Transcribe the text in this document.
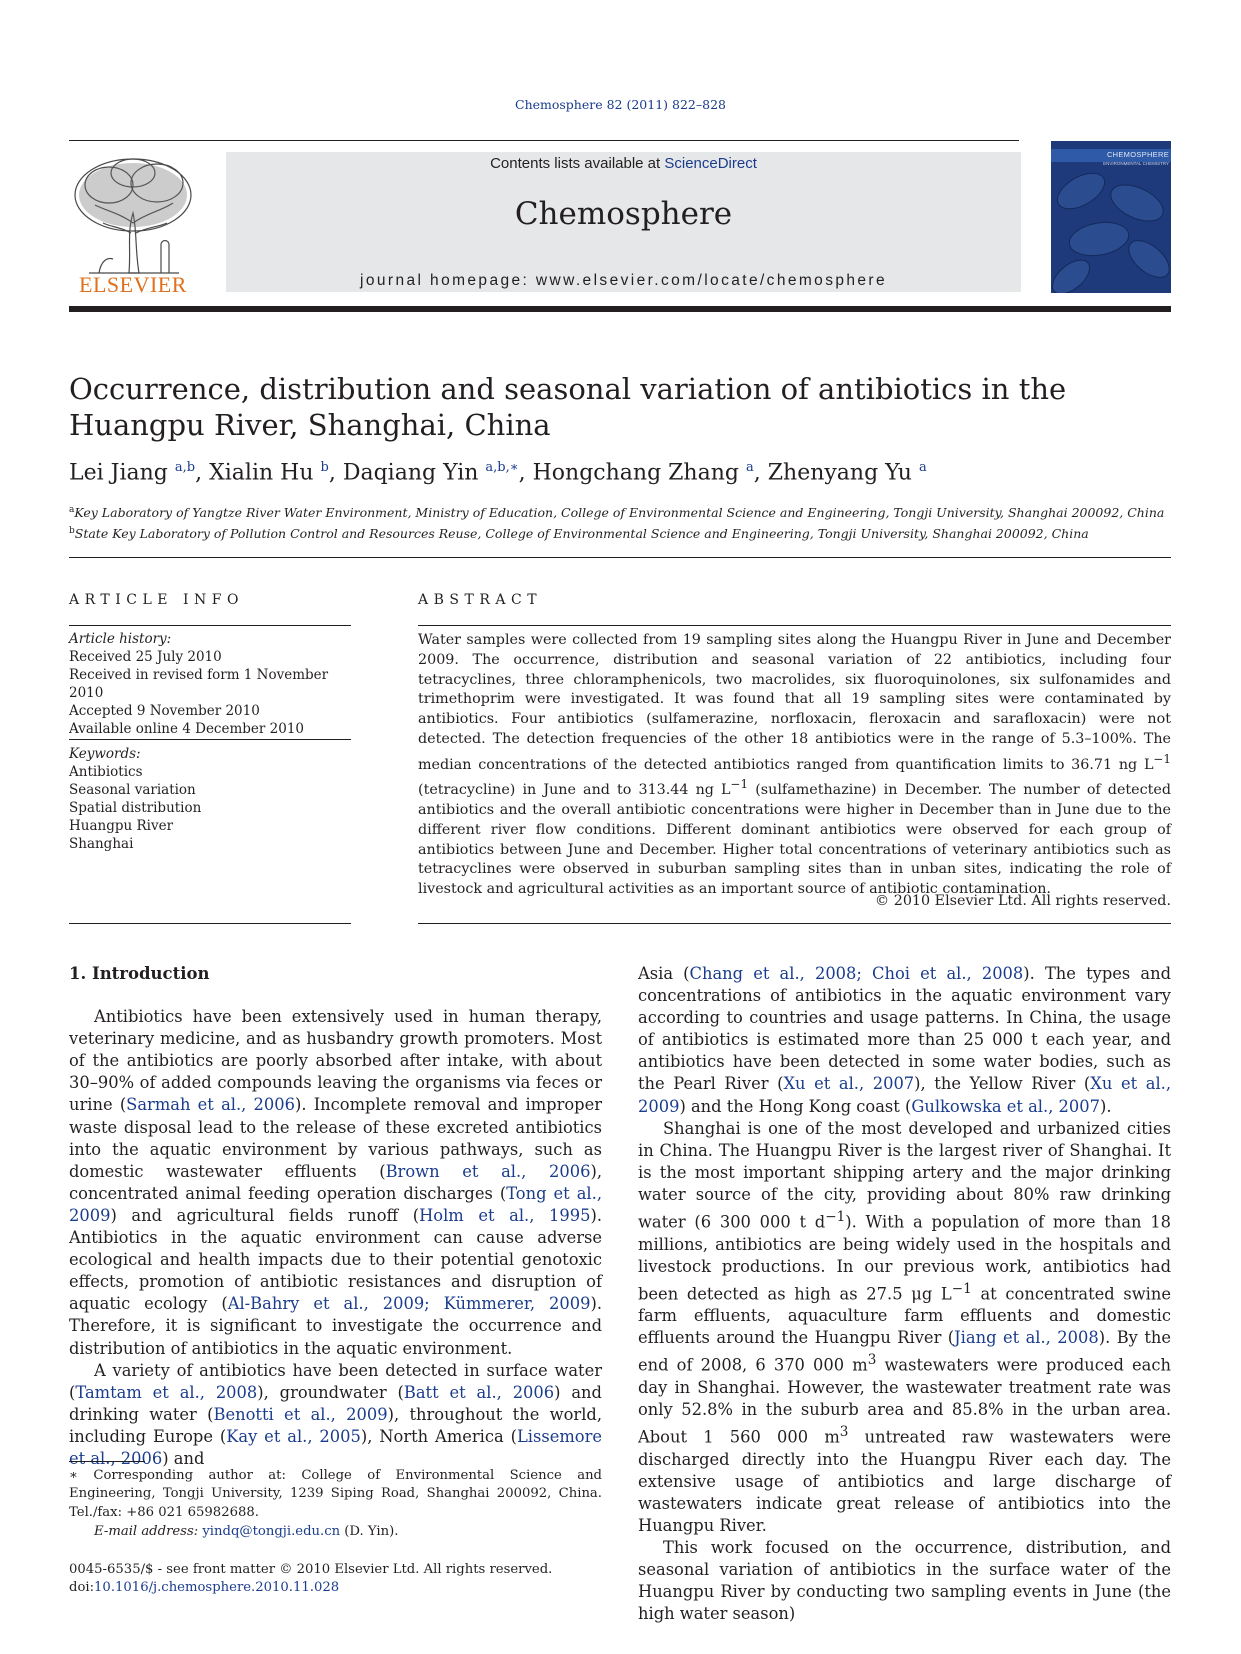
Chemosphere 82 (2011) 822–828
ELSEVIER
Contents lists available at ScienceDirect
Chemosphere
journal homepage: www.elsevier.com/locate/chemosphere
CHEMOSPHERE
ENVIRONMENTAL CHEMISTRY
Occurrence, distribution and seasonal variation of antibiotics in the Huangpu River, Shanghai, China
Lei Jiang $^{a,b}$, Xialin Hu $^b$, Daqiang Yin $^{a,b,∗}$, Hongchang Zhang $^a$, Zhenyang Yu $^a$
$^a$Key Laboratory of Yangtze River Water Environment, Ministry of Education, College of Environmental Science and Engineering, Tongji University, Shanghai 200092, China
$^b$State Key Laboratory of Pollution Control and Resources Reuse, College of Environmental Science and Engineering, Tongji University, Shanghai 200092, China
ARTICLE INFO
Article history:
Received 25 July 2010
Received in revised form 1 November 2010
Accepted 9 November 2010
Available online 4 December 2010
Keywords:
Antibiotics
Seasonal variation
Spatial distribution
Huangpu River
Shanghai
ABSTRACT
Water samples were collected from 19 sampling sites along the Huangpu River in June and December 2009. The occurrence, distribution and seasonal variation of 22 antibiotics, including four tetracyclines, three chloramphenicols, two macrolides, six fluoroquinolones, six sulfonamides and trimethoprim were investigated. It was found that all 19 sampling sites were contaminated by antibiotics. Four antibiotics (sulfamerazine, norfloxacin, fleroxacin and sarafloxacin) were not detected. The detection frequencies of the other 18 antibiotics were in the range of 5.3–100%. The median concentrations of the detected antibiotics ranged from quantification limits to 36.71 ng $L^{-1}$ (tetracycline) in June and to 313.44 ng $L^{-1}$ (sulfamethazine) in December. The number of detected antibiotics and the overall antibiotic concentrations were higher in December than in June due to the different river flow conditions. Different dominant antibiotics were observed for each group of antibiotics between June and December. Higher total concentrations of veterinary antibiotics such as tetracyclines were observed in suburban sampling sites than in unban sites, indicating the role of livestock and agricultural activities as an important source of antibiotic contamination.
© 2010 Elsevier Ltd. All rights reserved.
1. Introduction

Antibiotics have been extensively used in human therapy, veterinary medicine, and as husbandry growth promoters. Most of the antibiotics are poorly absorbed after intake, with about 30–90% of added compounds leaving the organisms via feces or urine (Sarmah et al., 2006). Incomplete removal and improper waste disposal lead to the release of these excreted antibiotics into the aquatic environment by various pathways, such as domestic wastewater effluents (Brown et al., 2006), concentrated animal feeding operation discharges (Tong et al., 2009) and agricultural fields runoff (Holm et al., 1995). Antibiotics in the aquatic environment can cause adverse ecological and health impacts due to their potential genotoxic effects, promotion of antibiotic resistances and disruption of aquatic ecology (Al-Bahry et al., 2009; Kümmerer, 2009). Therefore, it is significant to investigate the occurrence and distribution of antibiotics in the aquatic environment.

A variety of antibiotics have been detected in surface water (Tamtam et al., 2008), groundwater (Batt et al., 2006) and drinking water (Benotti et al., 2009), throughout the world, including Europe (Kay et al., 2005), North America (Lissemore et al., 2006) and

Asia (Chang et al., 2008; Choi et al., 2008). The types and concentrations of antibiotics in the aquatic environment vary according to countries and usage patterns. In China, the usage of antibiotics is estimated more than 25 000 t each year, and antibiotics have been detected in some water bodies, such as the Pearl River (Xu et al., 2007), the Yellow River (Xu et al., 2009) and the Hong Kong coast (Gulkowska et al., 2007).

Shanghai is one of the most developed and urbanized cities in China. The Huangpu River is the largest river of Shanghai. It is the most important shipping artery and the major drinking water source of the city, providing about 80% raw drinking water (6 300 000 t $d^{-1}$). With a population of more than 18 millions, antibiotics are being widely used in the hospitals and livestock productions. In our previous work, antibiotics had been detected as high as 27.5 μg $L^{-1}$ at concentrated swine farm effluents, aquaculture farm effluents and domestic effluents around the Huangpu River (Jiang et al., 2008). By the end of 2008, 6 370 000 $m^3$ wastewaters were produced each day in Shanghai. However, the wastewater treatment rate was only 52.8% in the suburb area and 85.8% in the urban area. About 1 560 000 $m^3$ untreated raw wastewaters were discharged directly into the Huangpu River each day. The extensive usage of antibiotics and large discharge of wastewaters indicate great release of antibiotics into the Huangpu River.

This work focused on the occurrence, distribution, and seasonal variation of antibiotics in the surface water of the Huangpu River by conducting two sampling events in June (the high water season)

∗ Corresponding author at: College of Environmental Science and Engineering, Tongji University, 1239 Siping Road, Shanghai 200092, China. Tel./fax: +86 021 65982688.
E-mail address: yindq@tongji.edu.cn (D. Yin).
0045-6535/$ - see front matter © 2010 Elsevier Ltd. All rights reserved.
doi:10.1016/j.chemosphere.2010.11.028
